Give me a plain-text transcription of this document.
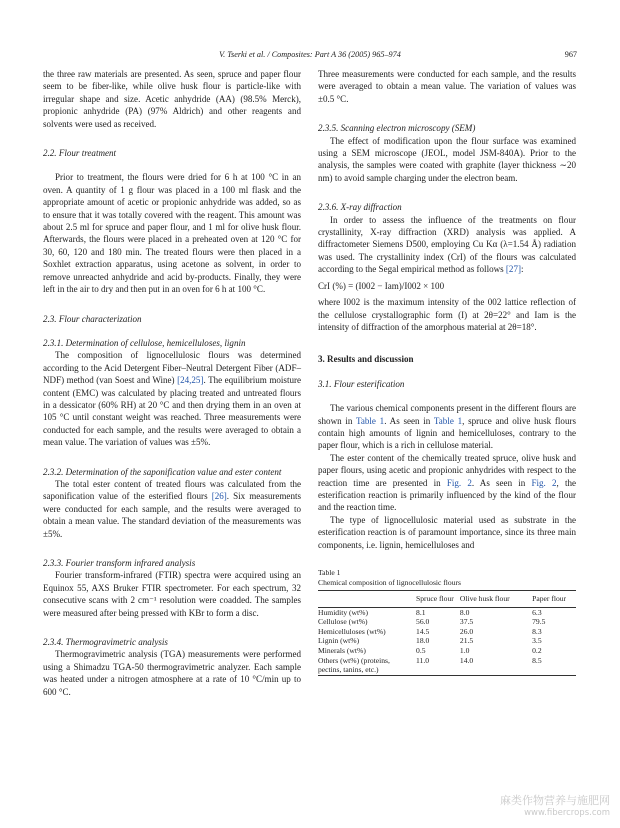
V. Tserki et al. / Composites: Part A 36 (2005) 965–974	967

the three raw materials are presented. As seen, spruce and paper flour seem to be fiber-like, while olive husk flour is particle-like with irregular shape and size. Acetic anhydride (AA) (98.5% Merck), propionic anhydride (PA) (97% Aldrich) and other reagents and solvents were used as received.

2.2. Flour treatment

Prior to treatment, the flours were dried for 6 h at 100 °C in an oven. A quantity of 1 g flour was placed in a 100 ml flask and the appropriate amount of acetic or propionic anhydride was added, so as to ensure that it was totally covered with the reagent. This amount was about 2.5 ml for spruce and paper flour, and 1 ml for olive husk flour. Afterwards, the flours were placed in a preheated oven at 120 °C for 30, 60, 120 and 180 min. The treated flours were then placed in a Soxhlet extraction apparatus, using acetone as solvent, in order to remove unreacted anhydride and acid by-products. Finally, they were left in the air to dry and then put in an oven for 6 h at 100 °C.

2.3. Flour characterization
2.3.1. Determination of cellulose, hemicelluloses, lignin

The composition of lignocellulosic flours was determined according to the Acid Detergent Fiber–Neutral Detergent Fiber (ADF–NDF) method (van Soest and Wine) [24,25]. The equilibrium moisture content (EMC) was calculated by placing treated and untreated flours in a dessicator (60% RH) at 20 °C and then drying them in an oven at 105 °C until constant weight was reached. Three measurements were conducted for each sample, and the results were averaged to obtain a mean value. The variation of values was ±5%.

2.3.2. Determination of the saponification value and ester content

The total ester content of treated flours was calculated from the saponification value of the esterified flours [26]. Six measurements were conducted for each sample, and the results were averaged to obtain a mean value. The standard deviation of the measurements was ±5%.

2.3.3. Fourier transform infrared analysis

Fourier transform-infrared (FTIR) spectra were acquired using an Equinox 55, AXS Bruker FTIR spectrometer. For each spectrum, 32 consecutive scans with 2 cm⁻¹ resolution were coadded. The samples were measured after being pressed with KBr to form a disc.

2.3.4. Thermogravimetric analysis

Thermogravimetric analysis (TGA) measurements were performed using a Shimadzu TGA-50 thermogravimetric analyzer. Each sample was heated under a nitrogen atmosphere at a rate of 10 °C/min up to 600 °C.

Three measurements were conducted for each sample, and the results were averaged to obtain a mean value. The variation of values was ±0.5 °C.

2.3.5. Scanning electron microscopy (SEM)

The effect of modification upon the flour surface was examined using a SEM microscope (JEOL, model JSM-840A). Prior to the analysis, the samples were coated with graphite (layer thickness ∼20 nm) to avoid sample charging under the electron beam.

2.3.6. X-ray diffraction

In order to assess the influence of the treatments on flour crystallinity, X-ray diffraction (XRD) analysis was applied. A diffractometer Siemens D500, employing Cu Kα (λ=1.54 Å) radiation was used. The crystallinity index (CrI) of the flours was calculated according to the Segal empirical method as follows [27]:

CrI (%) = (I002 − Iam)/I002 × 100

where I002 is the maximum intensity of the 002 lattice reflection of the cellulose crystallographic form (I) at 2θ=22° and Iam is the intensity of diffraction of the amorphous material at 2θ=18°.

3. Results and discussion
3.1. Flour esterification

The various chemical components present in the different flours are shown in Table 1. As seen in Table 1, spruce and olive husk flours contain high amounts of lignin and hemicelluloses, contrary to the paper flour, which is a rich in cellulose material.

The ester content of the chemically treated spruce, olive husk and paper flours, using acetic and propionic anhydrides with respect to the reaction time are presented in Fig. 2. As seen in Fig. 2, the esterification reaction is primarily influenced by the kind of the flour and the reaction time.

The type of lignocellulosic material used as substrate in the esterification reaction is of paramount importance, since its three main components, i.e. lignin, hemicelluloses and

Table 1
Chemical composition of lignocellulosic flours
	Spruce flour	Olive husk flour	Paper flour
Humidity (wt%)	8.1	8.0	6.3
Cellulose (wt%)	56.0	37.5	79.5
Hemicelluloses (wt%)	14.5	26.0	8.3
Lignin (wt%)	18.0	21.5	3.5
Minerals (wt%)	0.5	1.0	0.2
Others (wt%) (proteins, pectins, tanins, etc.)	11.0	14.0	8.5
麻类作物营养与施肥网
www.fibercrops.com
